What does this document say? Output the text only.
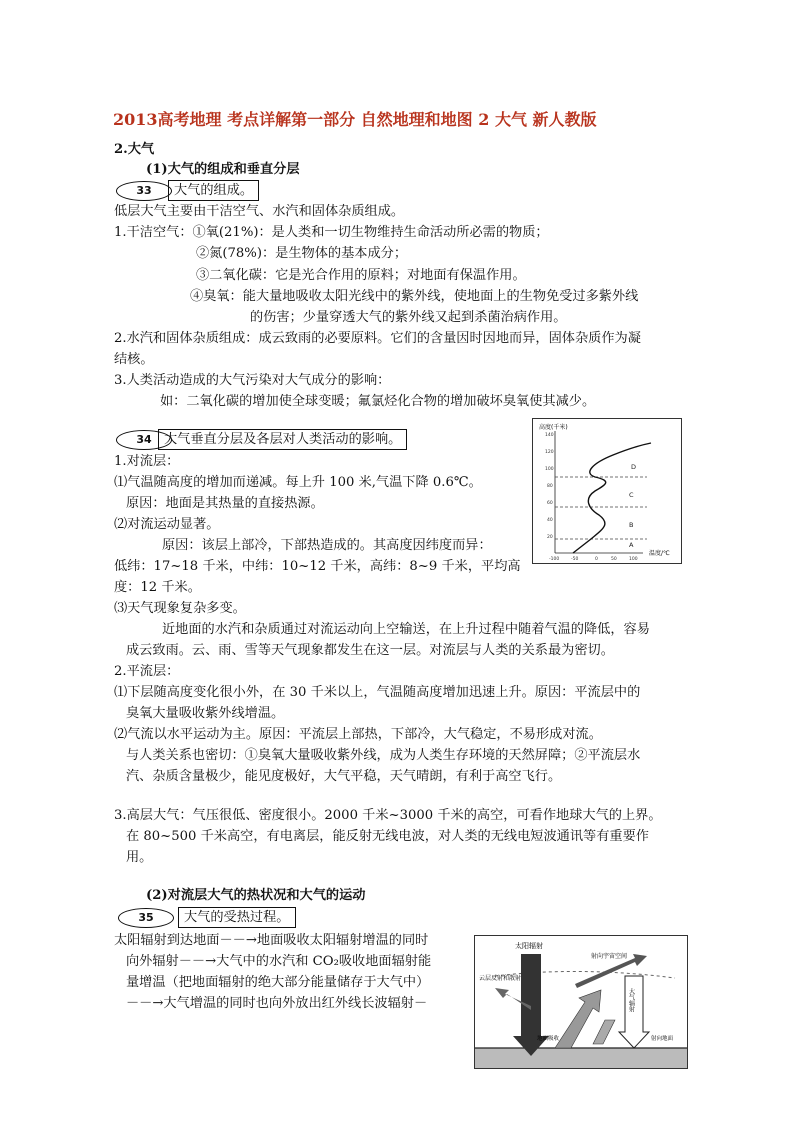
2013高考地理 考点详解第一部分 自然地理和地图 2 大气 新人教版
2.大气
(1)大气的组成和垂直分层
33	大气的组成。
低层大气主要由干洁空气、水汽和固体杂质组成。
1.干洁空气：①氧(21%)：是人类和一切生物维持生命活动所必需的物质；
②氮(78%)：是生物体的基本成分；
③二氧化碳：它是光合作用的原料；对地面有保温作用。
④臭氧：能大量地吸收太阳光线中的紫外线，使地面上的生物免受过多紫外线
的伤害；少量穿透大气的紫外线又起到杀菌治病作用。
2.水汽和固体杂质组成：成云致雨的必要原料。它们的含量因时因地而异，固体杂质作为凝
结核。
3.人类活动造成的大气污染对大气成分的影响：
如：二氧化碳的增加使全球变暖；氟氯烃化合物的增加破坏臭氧使其减少。
34 大气垂直分层及各层对人类活动的影响。
1.对流层：
⑴气温随高度的增加而递减。每上升 100 米,气温下降 0.6℃。
原因：地面是其热量的直接热源。
⑵对流运动显著。
原因：该层上部冷，下部热造成的。其高度因纬度而异：
低纬：17~18 千米，中纬：10~12 千米，高纬：8~9 千米，平均高
度：12 千米。
⑶天气现象复杂多变。
近地面的水汽和杂质通过对流运动向上空输送，在上升过程中随着气温的降低，容易
成云致雨。云、雨、雪等天气现象都发生在这一层。对流层与人类的关系最为密切。
2.平流层：
⑴下层随高度变化很小外，在 30 千米以上，气温随高度增加迅速上升。原因：平流层中的
臭氧大量吸收紫外线增温。
⑵气流以水平运动为主。原因：平流层上部热，下部冷，大气稳定，不易形成对流。
与人类关系也密切：①臭氧大量吸收紫外线，成为人类生存环境的天然屏障；②平流层水
汽、杂质含量极少，能见度极好，大气平稳，天气晴朗，有利于高空飞行。
3.高层大气：气压很低、密度很小。2000 千米~3000 千米的高空，可看作地球大气的上界。
在 80~500 千米高空，有电离层，能反射无线电波，对人类的无线电短波通讯等有重要作
用。
高度(千米)
140
120
100
80
60
40
20
-100	-50	0	50	100
温度/℃
D
C
B
A
(2)对流层大气的热状况和大气的运动
35	大气的受热过程。
太阳辐射到达地面－－→地面吸收太阳辐射增温的同时
向外辐射－－→大气中的水汽和 CO₂吸收地面辐射能
量增温（把地面辐射的绝大部分能量储存于大气中）
－－→大气增温的同时也向外放出红外线长波辐射－
太阳辐射
云层反射和散射
射向宇宙空间
大气辐射
地面吸收	射向地面
